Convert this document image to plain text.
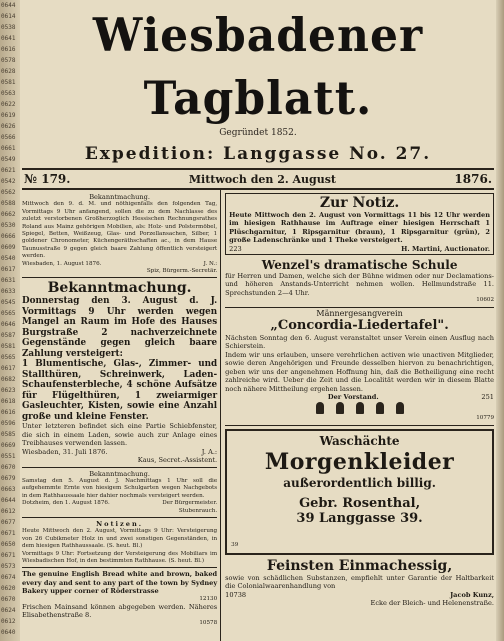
0644
0614
0538
0641
0616
0578
0628
0581
0563
0622
0619
0626
0566
0661
0549
0621
0542
0562
0588
0662
0530
0666
0609
0540
0617
0631
0633
0545
0565
0646
0587
0581
0565
0617
0682
0623
0618
0616
0596
0585
0669
0551
0670
0679
0663
0644
0612
0677
0671
0650
0671
0573
0674
0620
0670
0624
0612
0640
Wiesbadener Tagblatt.
Gegründet 1852.
Expedition: Langgasse No. 27.
№ 179.	Mittwoch den 2. August	1876.
Bekanntmachung.
Mittwoch den 9. d. M. und nöthigenfalls den folgenden Tag, Vormittags 9 Uhr anfangend, sollen die zu dem Nachlasse des zuletzt verstorbenen Großherzoglich Hessischen Rechnungsrathes Roland aus Mainz gehörigen Mobilien, als: Holz- und Polstermöbel, Spiegel, Betten, Weißzeug, Glas- und Porzellansachen, Silber, 1 goldener Chronometer, Küchengeräthschaften ac., in dem Hause Taunusstraße 9 gegen gleich baare Zahlung öffentlich versteigert werden.
Wiesbaden, 1. August 1876.	J. N.:
Spiz, Bürgerm.-Secretär.
Bekanntmachung.
Donnerstag den 3. August d. J. Vormittags 9 Uhr werden wegen Mangel an Raum im Hofe des Hauses Burgstraße 2 nachverzeichnete Gegenstände gegen gleich baare Zahlung versteigert:
1 Blumentische, Glas-, Zimmer- und Stallthüren, Schreinwerk, Laden-Schaufensterbleche, 4 schöne Aufsätze für Flügelthüren, 1 zweiarmiger Gasleuchter, Kisten, sowie eine Anzahl große und kleine Fenster.
Unter letzteren befindet sich eine Partie Schiebfenster, die sich in einem Laden, sowie auch zur Anlage eines Treibhauses verwenden lassen.
Wiesbaden, 31. Juli 1876.	J. A.:
Kaus, Secret.-Assistent.
Bekanntmachung.
Samstag den 5. August d. J. Nachmittags 1 Uhr soll die aufgehemmte Ernte von hiesigem Schulgarten wegen Nachgebots in dem Rathhaussaale hier dahier nochmals versteigert werden.
Dotzheim, den 1. August 1876.	Der Bürgermeister.
Stubenrauch.
Notizen.
Heute Mittwoch den 2. August, Vormittags 9 Uhr: Versteigerung von 26 Cubikmeter Holz in und zwei sonstigen Gegenständen, in dem hiesigen Rathhaussaale. (S. heut. Bl.)
Vormittags 9 Uhr: Fortsetzung der Versteigerung des Mobiliars im Wiesbadischen Hof, in den bestimmten Rathhause. (S. heut. Bl.)
The genuine English Bread white and brown, baked every day and sent to any part of the town by Sydney Bakery upper corner of Röderstrasse
12130
Frischen Mainsand können abgegeben werden. Näheres Elisabethenstraße 8.
10578
Zur Notiz.
Heute Mittwoch den 2. August von Vormittags 11 bis 12 Uhr werden im hiesigen Rathhause im Auftrage einer hiesigen Herrschaft 1 Plüschgarnitur, 1 Ripsgarnitur (braun), 1 Ripsgarnitur (grün), 2 große Ladenschränke und 1 Theke versteigert.
223	H. Martini, Auctionator.
Wenzel's dramatische Schule
für Herren und Damen, welche sich der Bühne widmen oder nur Declamations- und höheren Anstands-Unterricht nehmen wollen. Hellmundstraße 11. Sprechstunden 2—4 Uhr.
10602
Männergesangverein
„Concordia-Liedertafel".
Nächsten Sonntag den 6. August veranstaltet unser Verein einen Ausflug nach Schierstein.
Indem wir uns erlauben, unsere verehrlichen activen wie unactiven Mitglieder, sowie deren Angehörigen und Freunde desselben hiervon zu benachrichtigen, geben wir uns der angenehmen Hoffnung hin, daß die Betheiligung eine recht zahlreiche wird. Ueber die Zeit und die Localität werden wir in diesem Blatte noch nähere Mittheilung ergehen lassen.
Der Vorstand.	251
10779
Waschächte
Morgenkleider
außerordentlich billig.
Gebr. Rosenthal,
39 Langgasse 39.
39
Feinsten Einmachessig,
sowie von schädlichen Substanzen, empfiehlt unter Garantie der Haltbarkeit die Colonialwaarenhandlung von
10738	Jacob Kunz,
Ecke der Bleich- und Helenenstraße.
